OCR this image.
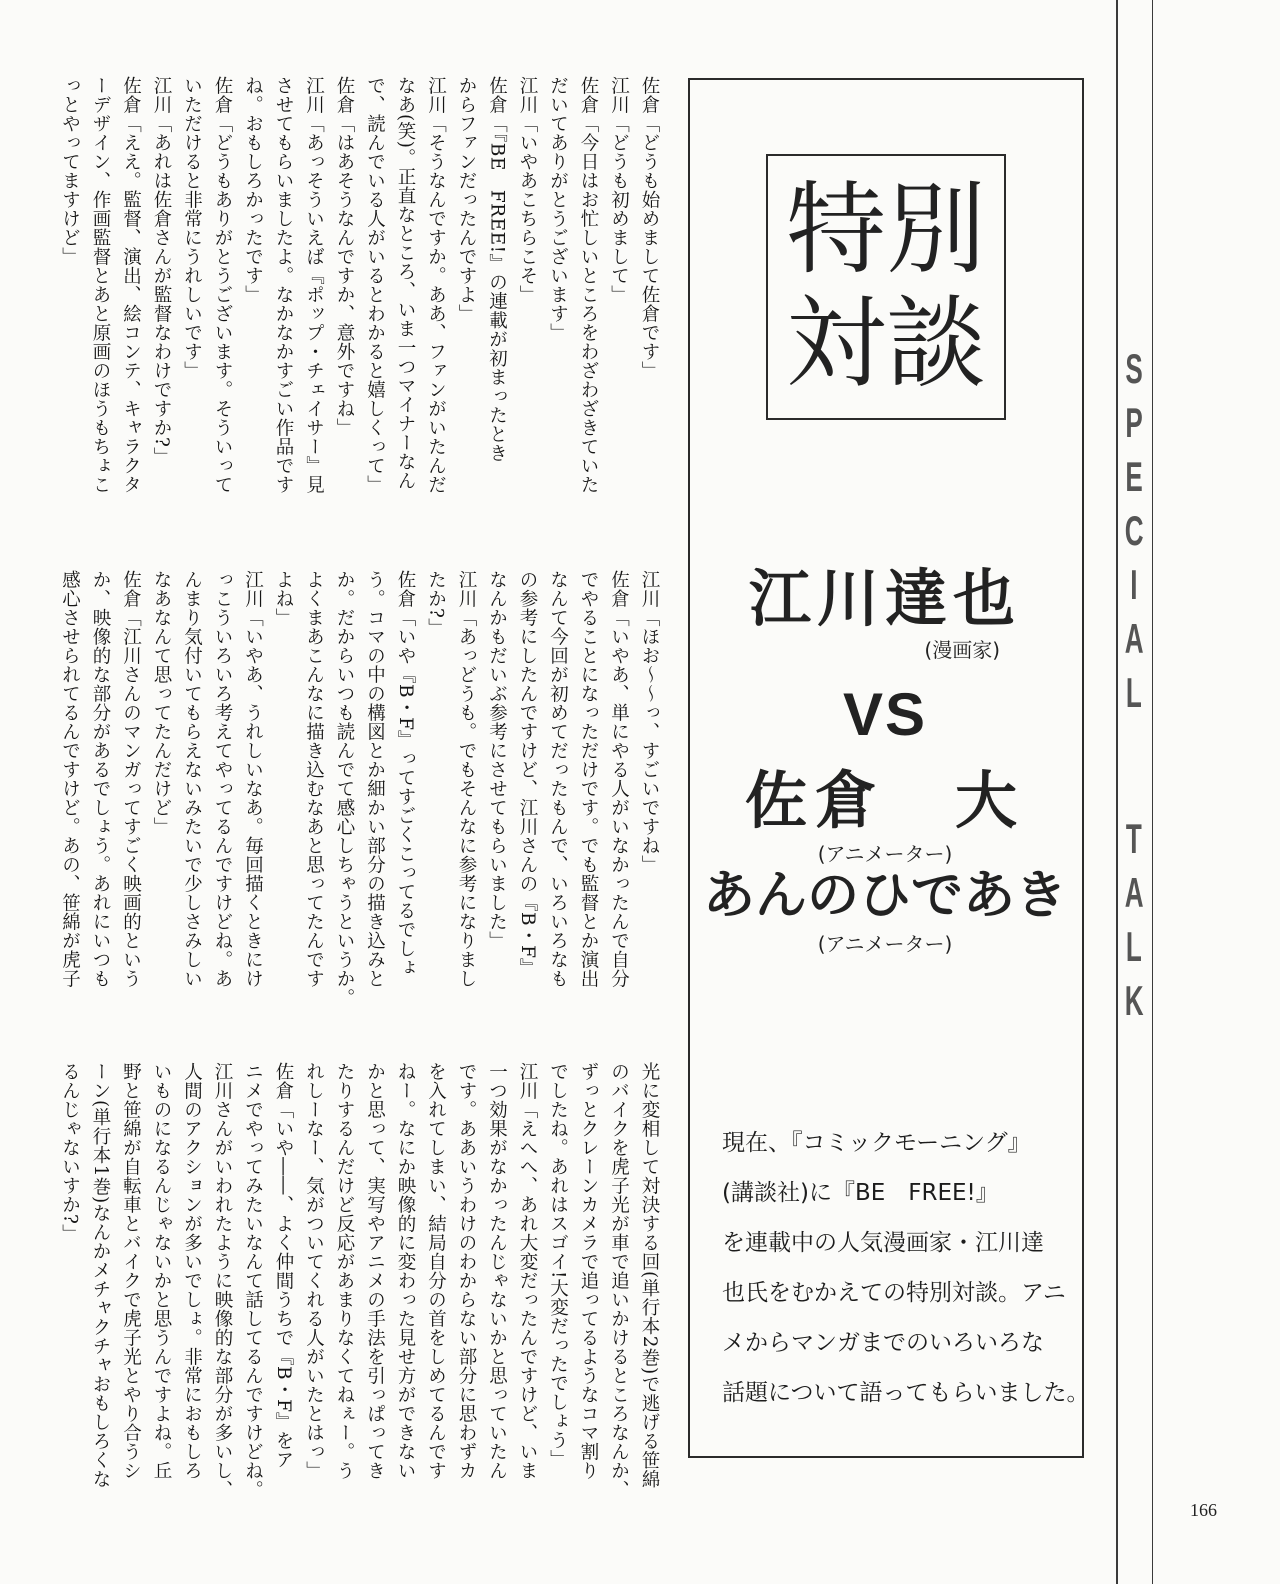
S
P
E
C
I
A
L
T
A
L
K
166
佐倉「どうも始めまして佐倉です」
江川「どうも初めまして」
佐倉「今日はお忙しいところをわざわざきていた
だいてありがとうございます」
江川「いやあこちらこそ」
佐倉「『BE　FREE!』の連載が初まったとき
からファンだったんですよ」
江川「そうなんですか。ああ、ファンがいたんだ
なあ(笑)。正直なところ、いま一つマイナーなん
で、読んでいる人がいるとわかると嬉しくって」
佐倉「はあそうなんですか、意外ですね」
江川「あっそういえば『ポップ・チェイサー』見
させてもらいましたよ。なかなかすごい作品です
ね。おもしろかったです」
佐倉「どうもありがとうございます。そういって
いただけると非常にうれしいです」
江川「あれは佐倉さんが監督なわけですか?」
佐倉「ええ。監督、演出、絵コンテ、キャラクタ
ーデザイン、作画監督とあと原画のほうもちょこ
っとやってますけど」
江川「ほお〜〜っ、すごいですね」
佐倉「いやあ、単にやる人がいなかったんで自分
でやることになっただけです。でも監督とか演出
なんて今回が初めてだったもんで、いろいろなも
の参考にしたんですけど、江川さんの『B・F』
なんかもだいぶ参考にさせてもらいました」
江川「あっどうも。でもそんなに参考になりまし
たか?」
佐倉「いや『B・F』ってすごくこってるでしょ
う。コマの中の構図とか細かい部分の描き込みと
か。だからいつも読んでて感心しちゃうというか。
よくまあこんなに描き込むなあと思ってたんです
よね」
江川「いやあ、うれしいなあ。毎回描くときにけ
っこういろいろ考えてやってるんですけどね。あ
んまり気付いてもらえないみたいで少しさみしい
なあなんて思ってたんだけど」
佐倉「江川さんのマンガってすごく映画的という
か、映像的な部分があるでしょう。あれにいつも
感心させられてるんですけど。あの、笹綿が虎子
光に変相して対決する回(単行本2巻)で逃げる笹綿
のバイクを虎子光が車で追いかけるところなんか、
ずっとクレーンカメラで追ってるようなコマ割り
でしたね。あれはスゴイ!大変だったでしょう」
江川「えへへ、あれ大変だったんですけど、いま
一つ効果がなかったんじゃないかと思っていたん
です。ああいうわけのわからない部分に思わずカ
を入れてしまい、結局自分の首をしめてるんです
ねー。なにか映像的に変わった見せ方ができない
かと思って、実写やアニメの手法を引っぱってき
たりするんだけど反応があまりなくてねぇー。う
れしーなー、気がついてくれる人がいたとはっ」
佐倉「いや――、よく仲間うちで『B・F』をア
ニメでやってみたいなんて話してるんですけどね。
江川さんがいわれたように映像的な部分が多いし、
人間のアクションが多いでしょ。非常におもしろ
いものになるんじゃないかと思うんですよね。丘
野と笹綿が自転車とバイクで虎子光とやり合うシ
ーン(単行本1巻)なんかメチャクチャおもしろくな
るんじゃないすか?」
特別
対談
江川達也
(漫画家)
VS
佐倉　大
(アニメーター)
あんのひであき
(アニメーター)

現在、『コミックモーニング』

(講談社)に『BE　FREE!』

を連載中の人気漫画家・江川達

也氏をむかえての特別対談。アニ

メからマンガまでのいろいろな

話題について語ってもらいました。
